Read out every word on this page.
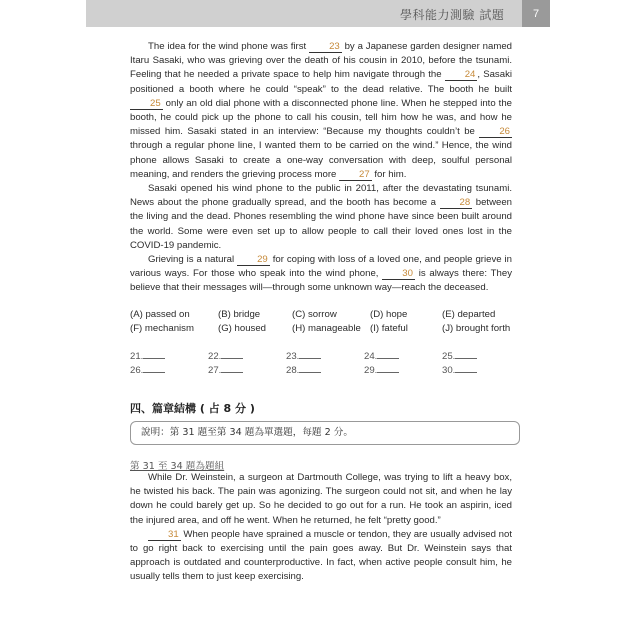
學科能力測驗 試題	7

The idea for the wind phone was first 23 by a Japanese garden designer named Itaru Sasaki, who was grieving over the death of his cousin in 2010, before the tsunami. Feeling that he needed a private space to help him navigate through the 24 , Sasaki positioned a booth where he could “speak” to the dead relative. The booth he built 25 only an old dial phone with a disconnected phone line. When he stepped into the booth, he could pick up the phone to call his cousin, tell him how he was, and how he missed him. Sasaki stated in an interview: “Because my thoughts couldn’t be 26 through a regular phone line, I wanted them to be carried on the wind.” Hence, the wind phone allows Sasaki to create a one-way conversation with deep, soulful personal meaning, and renders the grieving process more 27 for him.

Sasaki opened his wind phone to the public in 2011, after the devastating tsunami. News about the phone gradually spread, and the booth has become a 28 between the living and the dead. Phones resembling the wind phone have since been built around the world. Some were even set up to allow people to call their loved ones lost in the COVID-19 pandemic.

Grieving is a natural 29 for coping with loss of a loved one, and people grieve in various ways. For those who speak into the wind phone, 30 is always there: They believe that their messages will—through some unknown way—reach the deceased.

(A) passed on	(B) bridge	(C) sorrow	(D) hope	(E) departed
(F) mechanism	(G) housed	(H) manageable (I) fateful	(J) brought forth
21.	22.	23.	24.	25.
26.	27.	28.	29.	30.
四、篇章結構 ( 占 8 分 )
說明：第 31 題至第 34 題為單選題，每題 2 分。
第 31 至 34 題為題組

While Dr. Weinstein, a surgeon at Dartmouth College, was trying to lift a heavy box, he twisted his back. The pain was agonizing. The surgeon could not sit, and when he lay down he could barely get up. So he decided to go out for a run. He took an aspirin, iced the injured area, and off he went. When he returned, he felt “pretty good.”

31 When people have sprained a muscle or tendon, they are usually advised not to go right back to exercising until the pain goes away. But Dr. Weinstein says that approach is outdated and counterproductive. In fact, when active people consult him, he usually tells them to just keep exercising.
